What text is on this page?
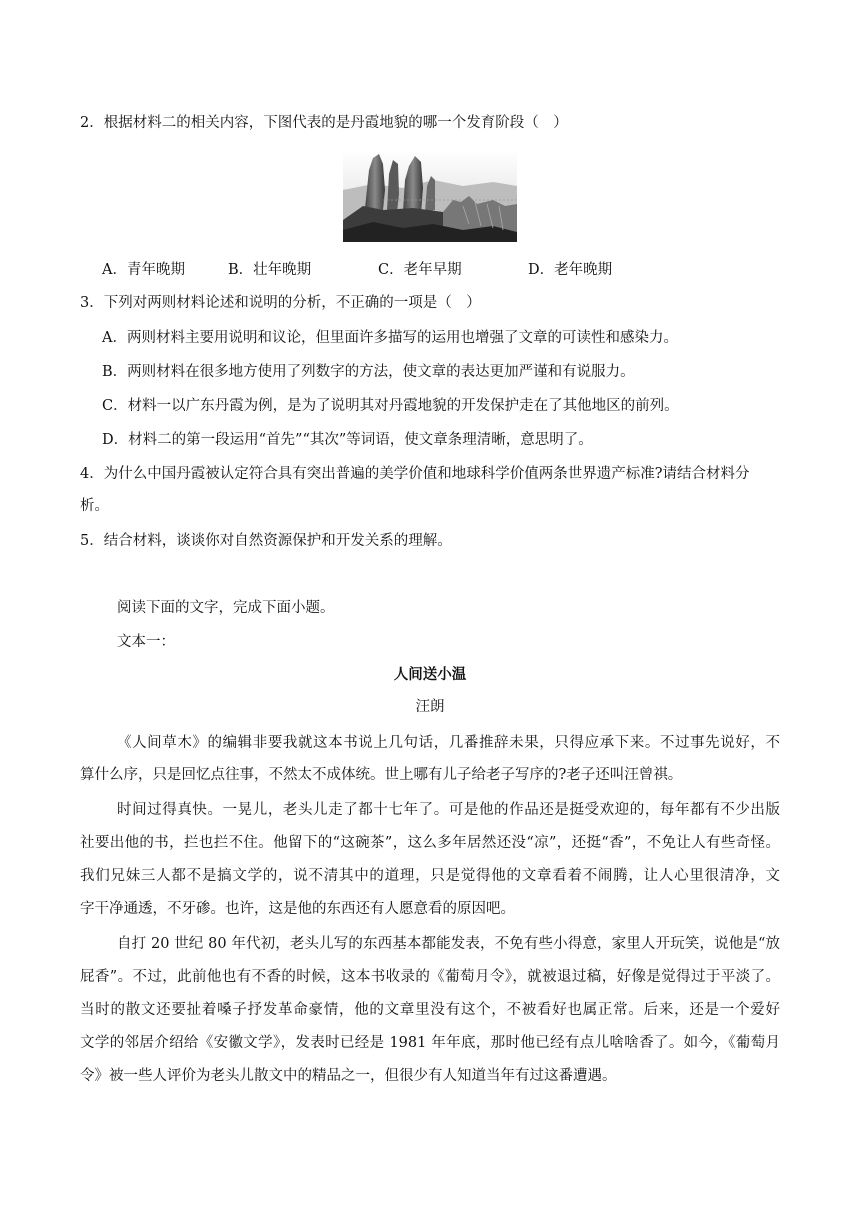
2．根据材料二的相关内容，下图代表的是丹霞地貌的哪一个发育阶段（　）
A．青年晚期	B．壮年晚期	C．老年早期	D．老年晚期
3．下列对两则材料论述和说明的分析，不正确的一项是（　）
A．两则材料主要用说明和议论，但里面许多描写的运用也增强了文章的可读性和感染力。
B．两则材料在很多地方使用了列数字的方法，使文章的表达更加严谨和有说服力。
C．材料一以广东丹霞为例，是为了说明其对丹霞地貌的开发保护走在了其他地区的前列。
D．材料二的第一段运用“首先”“其次”等词语，使文章条理清晰，意思明了。
4．为什么中国丹霞被认定符合具有突出普遍的美学价值和地球科学价值两条世界遗产标准?请结合材料分
析。
5．结合材料，谈谈你对自然资源保护和开发关系的理解。
阅读下面的文字，完成下面小题。
文本一：
人间送小温
汪朗
《人间草木》的编辑非要我就这本书说上几句话，几番推辞未果，只得应承下来。不过事先说好，不
算什么序，只是回忆点往事，不然太不成体统。世上哪有儿子给老子写序的?老子还叫汪曾祺。
时间过得真快。一晃儿，老头儿走了都十七年了。可是他的作品还是挺受欢迎的，每年都有不少出版
社要出他的书，拦也拦不住。他留下的“这碗茶”，这么多年居然还没“凉”，还挺“香”，不免让人有些奇怪。
我们兄妹三人都不是搞文学的，说不清其中的道理，只是觉得他的文章看着不闹腾，让人心里很清净，文
字干净通透，不牙碜。也许，这是他的东西还有人愿意看的原因吧。
自打 20 世纪 80 年代初，老头儿写的东西基本都能发表，不免有些小得意，家里人开玩笑，说他是“放
屁香”。不过，此前他也有不香的时候，这本书收录的《葡萄月令》，就被退过稿，好像是觉得过于平淡了。
当时的散文还要扯着嗓子抒发革命豪情，他的文章里没有这个，不被看好也属正常。后来，还是一个爱好
文学的邻居介绍给《安徽文学》，发表时已经是 1981 年年底，那时他已经有点儿啥啥香了。如今，《葡萄月
令》被一些人评价为老头儿散文中的精品之一，但很少有人知道当年有过这番遭遇。
